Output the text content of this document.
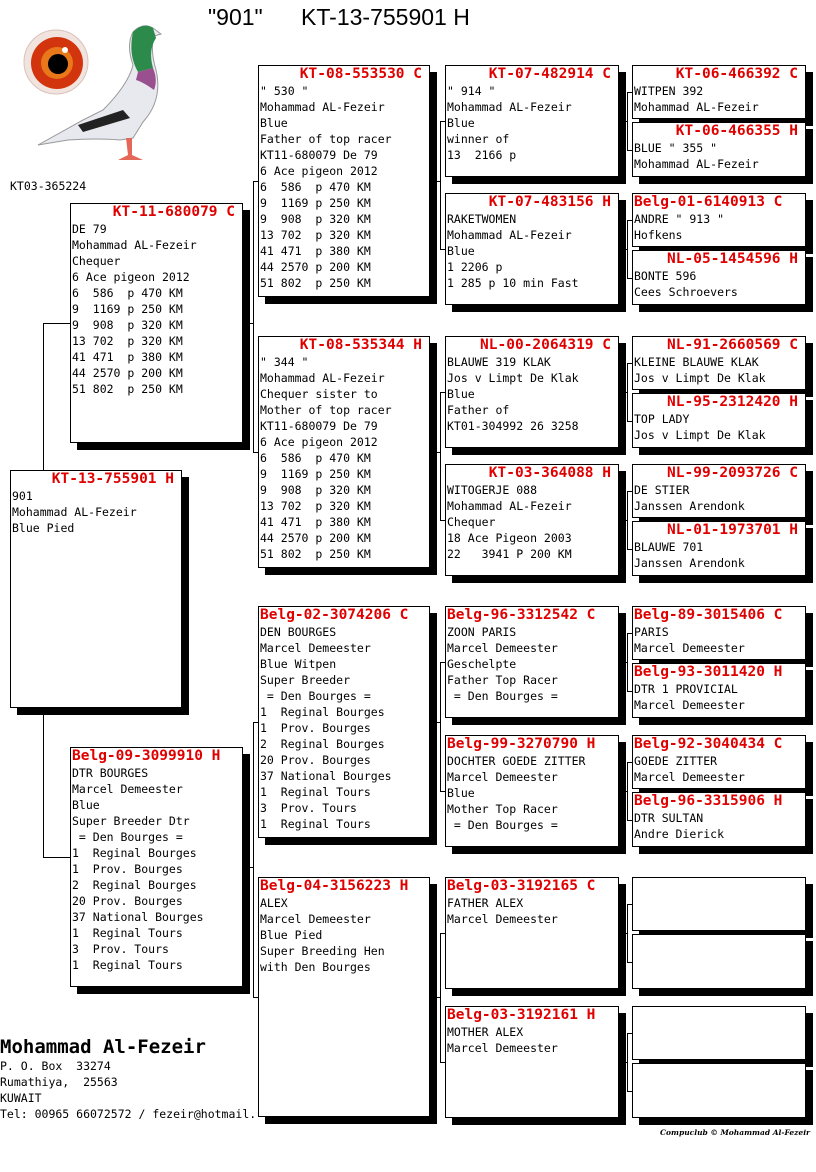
"901"      KT-13-755901 H
KT03-365224
KT-13-755901 H
901
Mohammad AL-Fezeir
Blue Pied
KT-11-680079 C
DE 79
Mohammad AL-Fezeir
Chequer
6 Ace pigeon 2012
6  586  p 470 KM
9  1169 p 250 KM
9  908  p 320 KM
13 702  p 320 KM
41 471  p 380 KM
44 2570 p 200 KM
51 802  p 250 KM
Belg-09-3099910 H
DTR BOURGES
Marcel Demeester
Blue
Super Breeder Dtr
= Den Bourges =
1  Reginal Bourges
1  Prov. Bourges
2  Reginal Bourges
20 Prov. Bourges
37 National Bourges
1  Reginal Tours
3  Prov. Tours
1  Reginal Tours
KT-08-553530 C
" 530 "
Mohammad AL-Fezeir
Blue
Father of top racer
KT11-680079 De 79
6 Ace pigeon 2012
6  586  p 470 KM
9  1169 p 250 KM
9  908  p 320 KM
13 702  p 320 KM
41 471  p 380 KM
44 2570 p 200 KM
51 802  p 250 KM
KT-08-535344 H
" 344 "
Mohammad AL-Fezeir
Chequer sister to
Mother of top racer
KT11-680079 De 79
6 Ace pigeon 2012
6  586  p 470 KM
9  1169 p 250 KM
9  908  p 320 KM
13 702  p 320 KM
41 471  p 380 KM
44 2570 p 200 KM
51 802  p 250 KM
Belg-02-3074206 C
DEN BOURGES
Marcel Demeester
Blue Witpen
Super Breeder
= Den Bourges =
1  Reginal Bourges
1  Prov. Bourges
2  Reginal Bourges
20 Prov. Bourges
37 National Bourges
1  Reginal Tours
3  Prov. Tours
1  Reginal Tours
Belg-04-3156223 H
ALEX
Marcel Demeester
Blue Pied
Super Breeding Hen
with Den Bourges
KT-07-482914 C
" 914 "
Mohammad AL-Fezeir
Blue
winner of
13  2166 p
KT-07-483156 H
RAKETWOMEN
Mohammad AL-Fezeir
Blue
1 2206 p
1 285 p 10 min Fast
NL-00-2064319 C
BLAUWE 319 KLAK
Jos v Limpt De Klak
Blue
Father of
KT01-304992 26 3258
KT-03-364088 H
WITOGERJE 088
Mohammad AL-Fezeir
Chequer
18 Ace Pigeon 2003
22   3941 P 200 KM
Belg-96-3312542 C
ZOON PARIS
Marcel Demeester
Geschelpte
Father Top Racer
= Den Bourges =
Belg-99-3270790 H
DOCHTER GOEDE ZITTER
Marcel Demeester
Blue
Mother Top Racer
= Den Bourges =
Belg-03-3192165 C
FATHER ALEX
Marcel Demeester
Belg-03-3192161 H
MOTHER ALEX
Marcel Demeester
KT-06-466392 C
WITPEN 392
Mohammad AL-Fezeir
KT-06-466355 H
BLUE " 355 "
Mohammad AL-Fezeir
Belg-01-6140913 C
ANDRE " 913 "
Hofkens
NL-05-1454596 H
BONTE 596
Cees Schroevers
NL-91-2660569 C
KLEINE BLAUWE KLAK
Jos v Limpt De Klak
NL-95-2312420 H
TOP LADY
Jos v Limpt De Klak
NL-99-2093726 C
DE STIER
Janssen Arendonk
NL-01-1973701 H
BLAUWE 701
Janssen Arendonk
Belg-89-3015406 C
PARIS
Marcel Demeester
Belg-93-3011420 H
DTR 1 PROVICIAL
Marcel Demeester
Belg-92-3040434 C
GOEDE ZITTER
Marcel Demeester
Belg-96-3315906 H
DTR SULTAN
Andre Dierick
Mohammad Al-Fezeir
P. O. Box  33274
Rumathiya,  25563
KUWAIT
Tel: 00965 66072572 / fezeir@hotmail.
Compuclub © Mohammad Al-Fezeir
